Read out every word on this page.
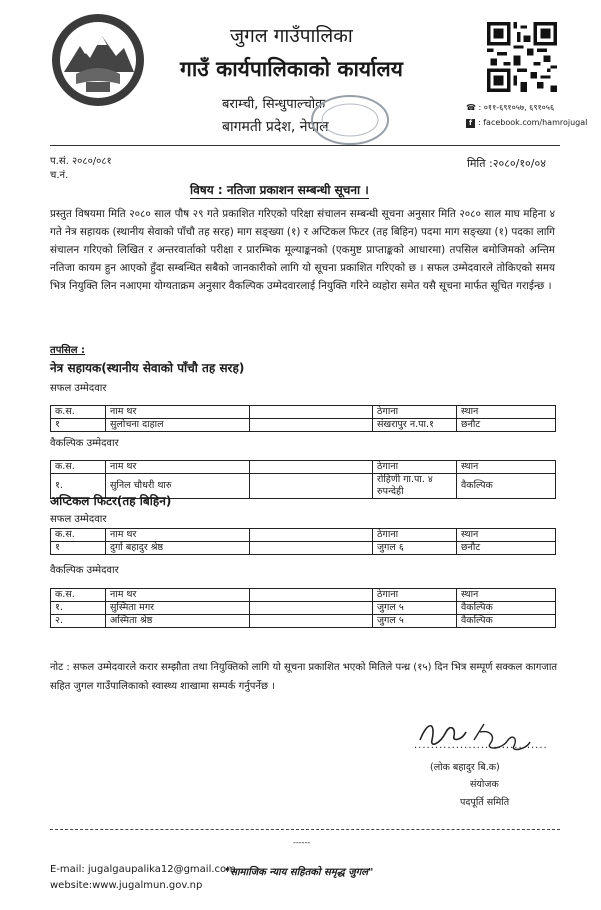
जुगल गाउँपालिका
गाउँ कार्यपालिकाको कार्यालय
बराम्ची, सिन्धुपाल्चोक
बागमती प्रदेश, नेपाल
☎ : ०११-६९१०५७, ६९१०५६
f : facebook.com/hamrojugal
प.सं. २०८०/०८१
च.नं.
मिति :२०८०/१०/०४
विषय : नतिजा प्रकाशन सम्बन्धी सूचना ।
प्रस्तुत विषयमा मिति २०८० साल पौष २९ गते प्रकाशित गरिएको परिक्षा संचालन सम्बन्धी सूचना अनुसार मिति २०८० साल माघ महिना ४ गते नेत्र सहायक (स्थानीय सेवाको पाँचौ तह सरह) माग सङ्ख्या (१) र अप्टिकल फिटर (तह बिहिन) पदमा माग सङ्ख्या (१) पदका लागि संचालन गरिएको लिखित र अन्तरवार्ताको परीक्षा र प्रारम्भिक मूल्याङ्कनको (एकमुष्ट प्राप्ताङ्कको आधारमा) तपसिल बमोजिमको अन्तिम नतिजा कायम हुन आएको हुँदा सम्बन्धित सबैको जानकारीको लागि यो सूचना प्रकाशित गरिएको छ । सफल उम्मेदवारले तोकिएको समय भित्र नियुक्ति लिन नआएमा योग्यताक्रम अनुसार वैकल्पिक उम्मेदवारलाई नियुक्ति गरिने व्यहोरा समेत यसै सूचना मार्फत सूचित गराईन्छ ।
तपसिल :
नेत्र सहायक(स्थानीय सेवाको पाँचौ तह सरह)
सफल उम्मेदवार
क.स.	नाम थर		ठेगाना	स्थान
१	सुलोचना दाहाल		संखरापुर न.पा.१	छनौट
वैकल्पिक उम्मेदवार
क.स.	नाम थर		ठेगाना	स्थान
१.	सुनिल चौधरी थारु		रोहिणी गा.पा. ४ रुपन्देही	वैकल्पिक
अप्टिकल फिटर(तह बिहिन)
सफल उम्मेदवार
क.स.	नाम थर		ठेगाना	स्थान
१	दुर्गा बहादुर श्रेष्ठ		जुगल ६	छनौट
वैकल्पिक उम्मेदवार
क.स.	नाम थर		ठेगाना	स्थान
१.	सुस्मिता मगर		जुगल ५	वैकल्पिक
२.	अस्मिता श्रेष्ठ		जुगल ५	वैकल्पिक
नोट : सफल उम्मेदवारले करार सम्झौता तथा नियुक्तिको लागि यो सूचना प्रकाशित भएको मितिले पन्ध्र (१५) दिन भित्र सम्पूर्ण सक्कल कागजात सहित जुगल गाउँपालिकाको स्वास्थ्य शाखामा सम्पर्क गर्नुपर्नेछ ।
................................
(लोक बहादुर बि.क)
संयोजक
पदपूर्ति समिति
------
E-mail: jugalgaupalika12@gmail.com
website:www.jugalmun.gov.np
"सामाजिक न्याय सहितको समृद्ध जुगल"
